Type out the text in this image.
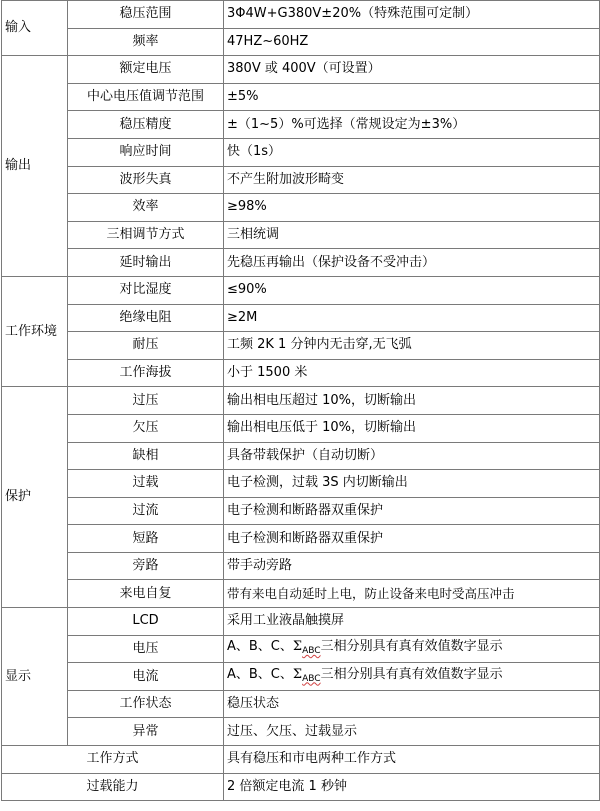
输入	稳压范围	3Φ4W+G380V±20%（特殊范围可定制）
	频率	47HZ~60HZ
输出	额定电压	380V 或 400V（可设置）
	中心电压值调节范围	±5%
	稳压精度	±（1~5）%可选择（常规设定为±3%）
	响应时间	快（1s）
	波形失真	不产生附加波形畸变
	效率	≥98%
	三相调节方式	三相统调
	延时输出	先稳压再输出（保护设备不受冲击）
工作环境	对比湿度	≤90%
	绝缘电阻	≥2M
	耐压	工频 2K 1 分钟内无击穿,无飞弧
	工作海拔	小于 1500 米
保护	过压	输出相电压超过 10%，切断输出
	欠压	输出相电压低于 10%，切断输出
	缺相	具备带载保护（自动切断）
	过载	电子检测，过载 3S 内切断输出
	过流	电子检测和断路器双重保护
	短路	电子检测和断路器双重保护
	旁路	带手动旁路
	来电自复	带有来电自动延时上电，防止设备来电时受高压冲击
显示	LCD	采用工业液晶触摸屏
	电压	A、B、C、$\Sigma_{ABC}$三相分别具有真有效值数字显示
	电流	A、B、C、$\Sigma_{ABC}$三相分别具有真有效值数字显示
	工作状态	稳压状态
	异常	过压、欠压、过载显示
工作方式		具有稳压和市电两种工作方式
过载能力		2 倍额定电流 1 秒钟
